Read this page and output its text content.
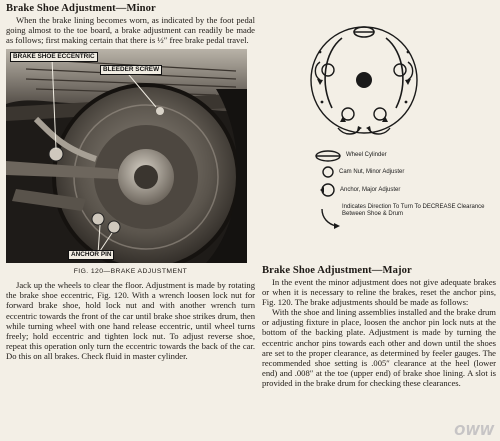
Brake Shoe Adjustment—Minor

When the brake lining becomes worn, as indicated by the foot pedal going almost to the toe board, a brake adjustment can readily be made as follows; first making certain that there is ½″ free brake pedal travel.

BRAKE SHOE ECCENTRIC
BLEEDER SCREW
ANCHOR PIN
FIG. 120—BRAKE ADJUSTMENT

Jack up the wheels to clear the floor. Adjustment is made by rotating the brake shoe eccentric, Fig. 120. With a wrench loosen lock nut for forward brake shoe, hold lock nut and with another wrench turn eccentric towards the front of the car until brake shoe strikes drum, then while turning wheel with one hand release eccentric, until wheel turns freely; hold eccentric and tighten lock nut. To adjust reverse shoe, repeat this operation only turn the eccentric towards the back of the car. Do this on all brakes. Check fluid in master cylinder.

Wheel Cylinder
Cam Nut, Minor Adjuster
Anchor, Major Adjuster
Indicates Direction To Turn To DECREASE Clearance Between Shoe & Drum
Brake Shoe Adjustment—Major

In the event the minor adjustment does not give adequate brakes or when it is necessary to reline the brakes, reset the anchor pins, Fig. 120. The brake adjustments should be made as follows:

With the shoe and lining assemblies installed and the brake drum or adjusting fixture in place, loosen the anchor pin lock nuts at the bottom of the backing plate. Adjustment is made by turning the eccentric anchor pins towards each other and down until the shoes are set to the proper clearance, as determined by feeler gauges. The recommended shoe setting is .005″ clearance at the heel (lower end) and .008″ at the toe (upper end) of brake shoe lining. A slot is provided in the brake drum for checking these clearances.

OWW
